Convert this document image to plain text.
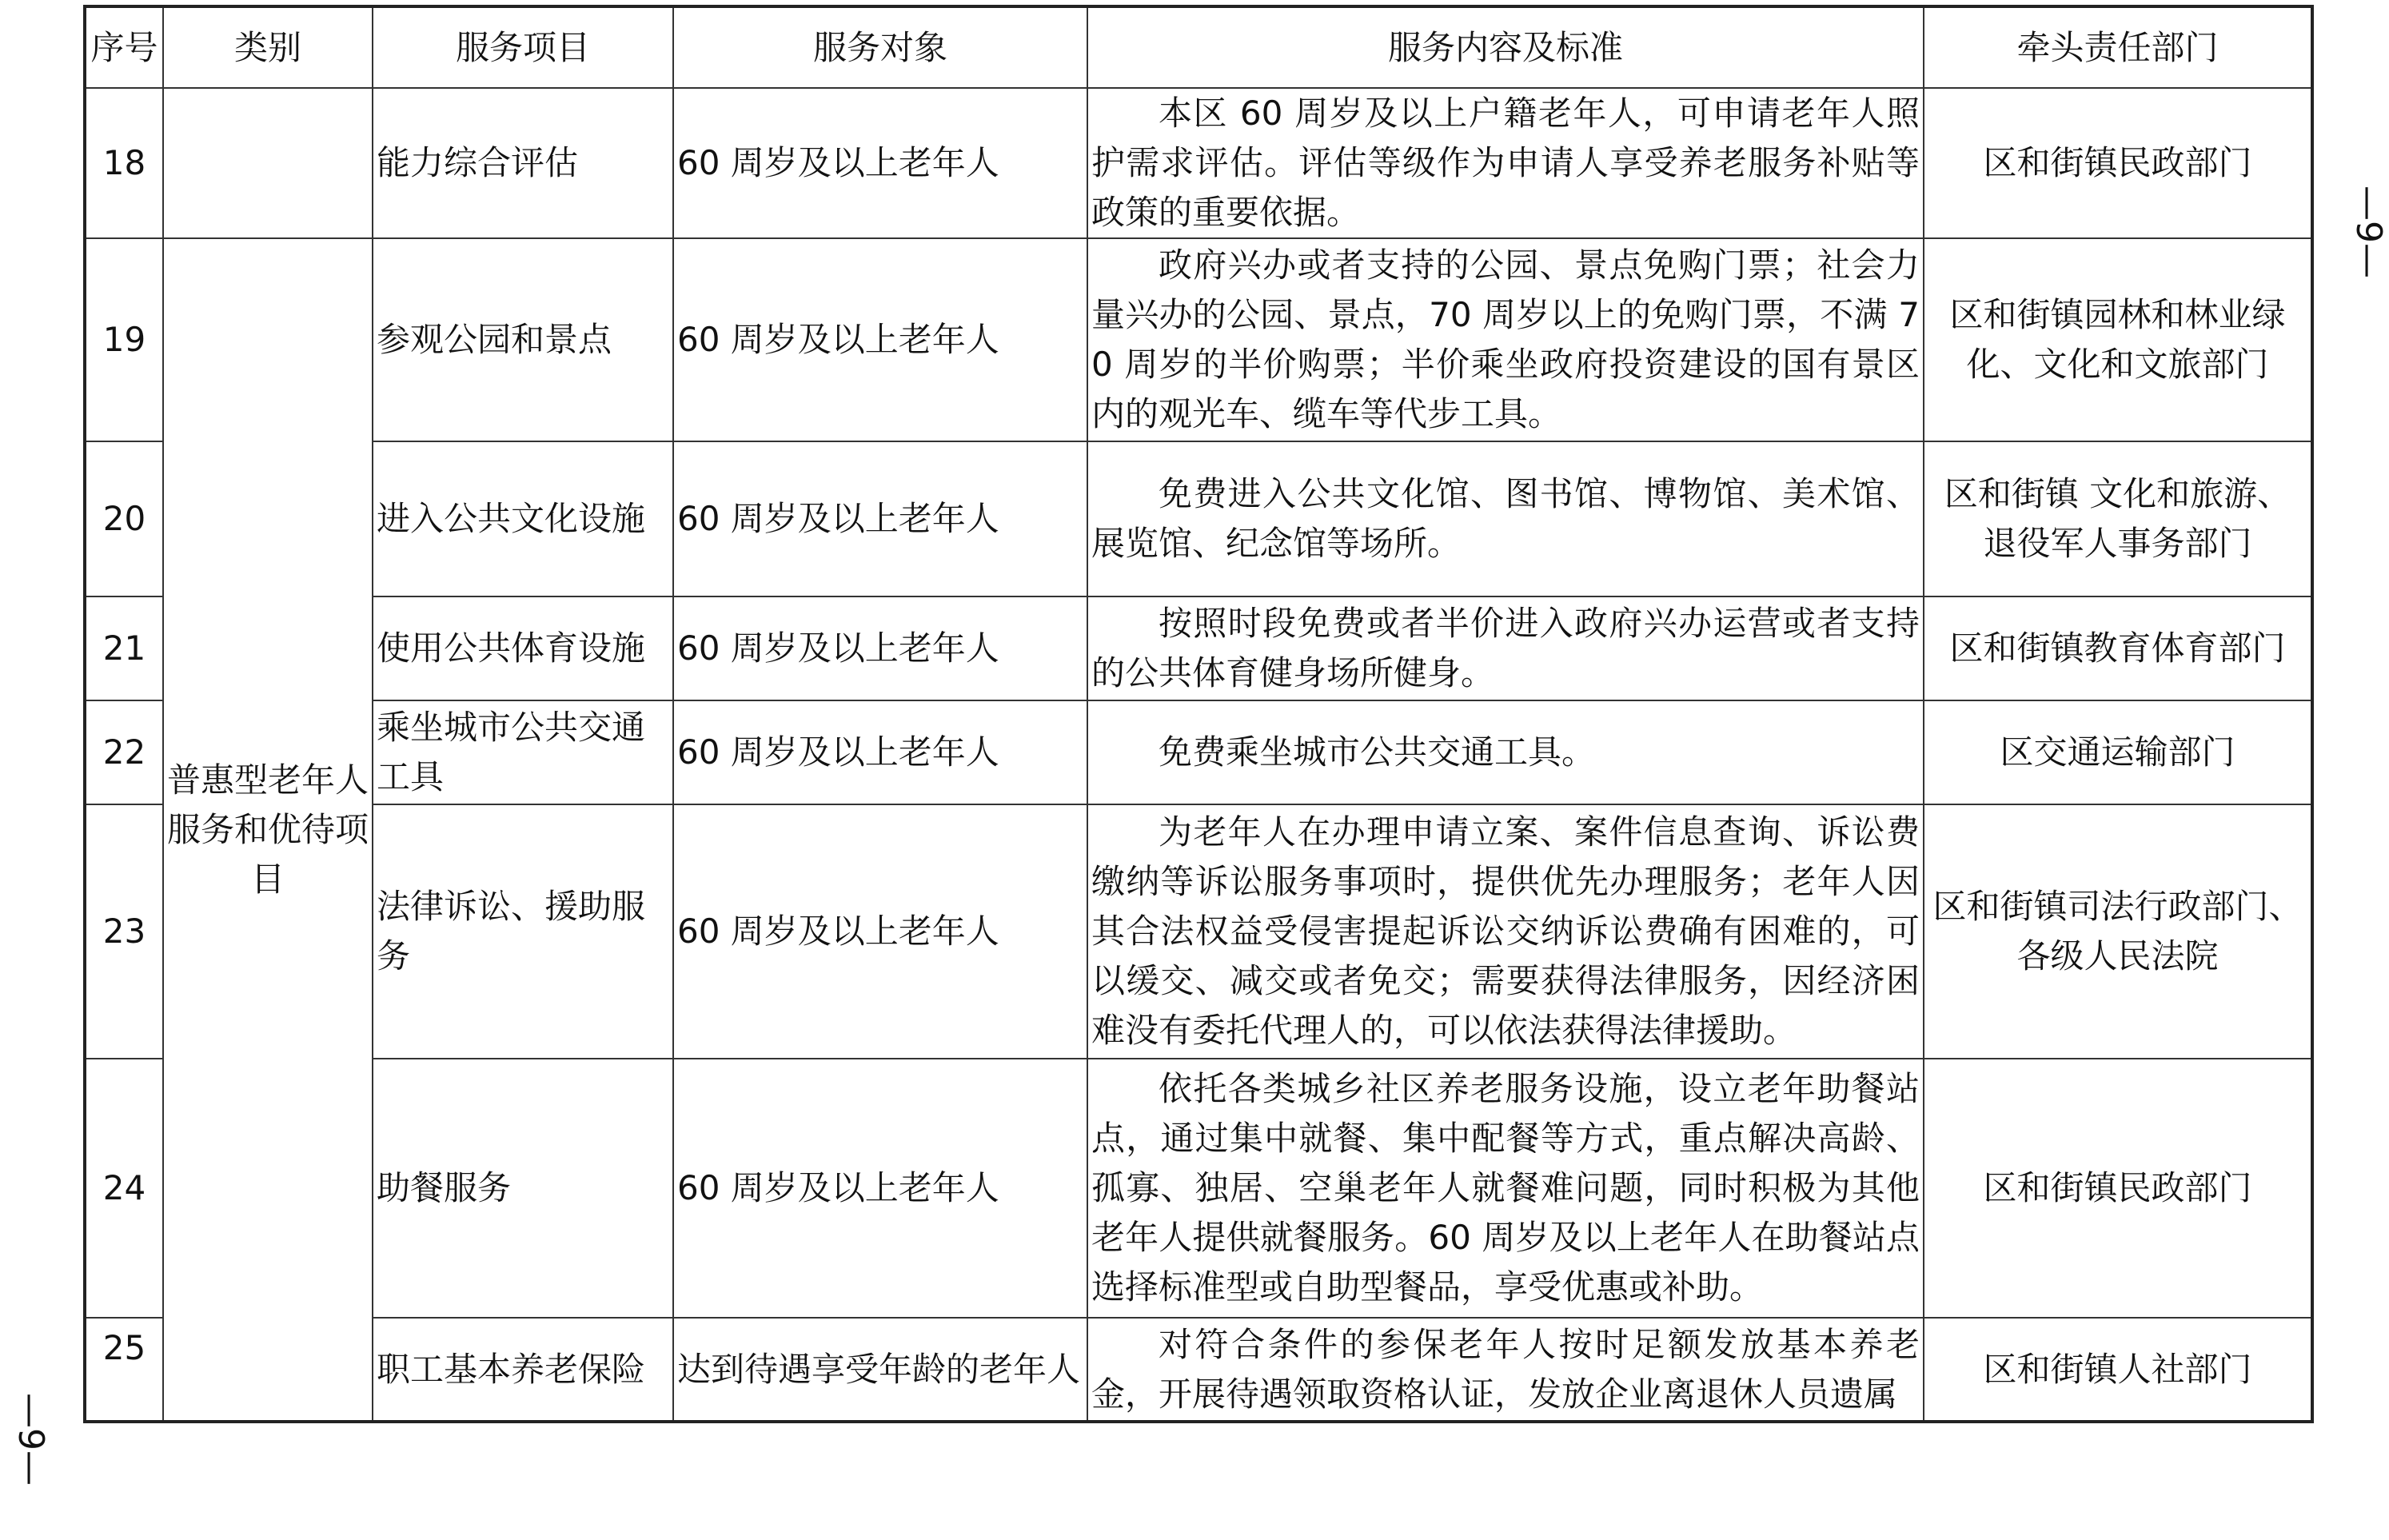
序号	类别	服务项目	服务对象	服务内容及标准	牵头责任部门
18		能力综合评估	60 周岁及以上老年人	本区 60 周岁及以上户籍老年人，可申请老年人照护需求评估。评估等级作为申请人享受养老服务补贴等政策的重要依据。	区和街镇民政部门
19	普惠型老年人服务和优待项目	参观公园和景点	60 周岁及以上老年人	政府兴办或者支持的公园、景点免购门票；社会力量兴办的公园、景点，70 周岁以上的免购门票，不满 70 周岁的半价购票；半价乘坐政府投资建设的国有景区内的观光车、缆车等代步工具。	区和街镇园林和林业绿化、文化和文旅部门
20		进入公共文化设施	60 周岁及以上老年人	免费进入公共文化馆、图书馆、博物馆、美术馆、展览馆、纪念馆等场所。	区和街镇 文化和旅游、退役军人事务部门
21		使用公共体育设施	60 周岁及以上老年人	按照时段免费或者半价进入政府兴办运营或者支持的公共体育健身场所健身。	区和街镇教育体育部门
22		乘坐城市公共交通工具	60 周岁及以上老年人	免费乘坐城市公共交通工具。	区交通运输部门
23		法律诉讼、援助服务	60 周岁及以上老年人	为老年人在办理申请立案、案件信息查询、诉讼费缴纳等诉讼服务事项时，提供优先办理服务；老年人因其合法权益受侵害提起诉讼交纳诉讼费确有困难的，可以缓交、减交或者免交；需要获得法律服务，因经济困难没有委托代理人的，可以依法获得法律援助。	区和街镇司法行政部门、各级人民法院
24		助餐服务	60 周岁及以上老年人	依托各类城乡社区养老服务设施，设立老年助餐站点，通过集中就餐、集中配餐等方式，重点解决高龄、孤寡、独居、空巢老年人就餐难问题，同时积极为其他老年人提供就餐服务。60 周岁及以上老年人在助餐站点选择标准型或自助型餐品，享受优惠或补助。	区和街镇民政部门
25		职工基本养老保险	达到待遇享受年龄的老年人	对符合条件的参保老年人按时足额发放基本养老金，开展待遇领取资格认证，发放企业离退休人员遗属	区和街镇人社部门
—9—
—9—
